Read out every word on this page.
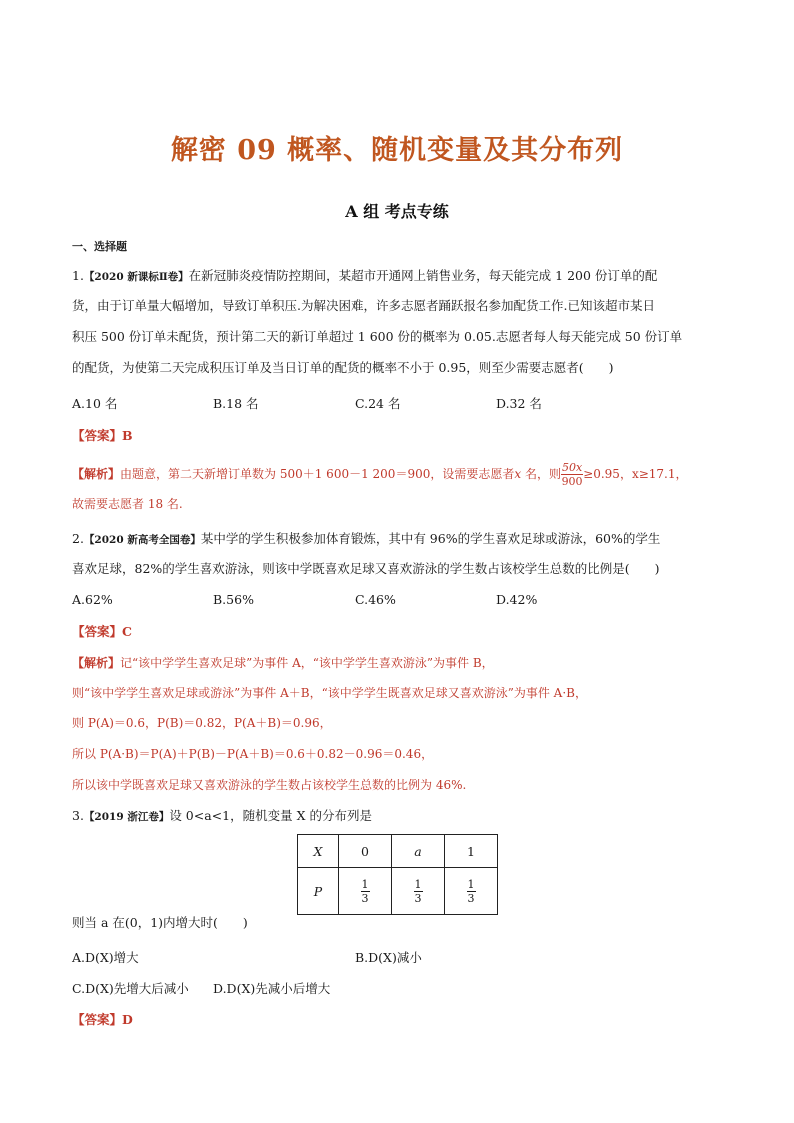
解密 09 概率、随机变量及其分布列
A 组 考点专练
一、选择题
1.【2020 新课标Ⅱ卷】在新冠肺炎疫情防控期间，某超市开通网上销售业务，每天能完成 1 200 份订单的配
货，由于订单量大幅增加，导致订单积压.为解决困难，许多志愿者踊跃报名参加配货工作.已知该超市某日
积压 500 份订单未配货，预计第二天的新订单超过 1 600 份的概率为 0.05.志愿者每人每天能完成 50 份订单
的配货，为使第二天完成积压订单及当日订单的配货的概率不小于 0.95，则至少需要志愿者(　　)
A.10 名	B.18 名	C.24 名	D.32 名
【答案】B
【解析】由题意，第二天新增订单数为 500＋1 600－1 200＝900，设需要志愿者x 名，则 $\frac{50x}{900} \ge 0.95$，x≥17.1，
故需要志愿者 18 名.
2.【2020 新高考全国卷】某中学的学生积极参加体育锻炼，其中有 96%的学生喜欢足球或游泳，60%的学生
喜欢足球，82%的学生喜欢游泳，则该中学既喜欢足球又喜欢游泳的学生数占该校学生总数的比例是(　　)
A.62%	B.56%	C.46%	D.42%
【答案】C
【解析】记“该中学学生喜欢足球”为事件 A，“该中学学生喜欢游泳”为事件 B，
则“该中学学生喜欢足球或游泳”为事件 A＋B，“该中学学生既喜欢足球又喜欢游泳”为事件 A·B，
则 P(A)＝0.6，P(B)＝0.82，P(A＋B)＝0.96，
所以 P(A·B)＝P(A)＋P(B)－P(A＋B)＝0.6＋0.82－0.96＝0.46，
所以该中学既喜欢足球又喜欢游泳的学生数占该校学生总数的比例为 46%.
3.【2019 浙江卷】设 0<a<1，随机变量 X 的分布列是
X	0	a	1
P	$\frac{1}{3}$	$\frac{1}{3}$	$\frac{1}{3}$
则当 a 在(0，1)内增大时(　　)
A.D(X)增大	B.D(X)减小
C.D(X)先增大后减小 D.D(X)先减小后增大
【答案】D
